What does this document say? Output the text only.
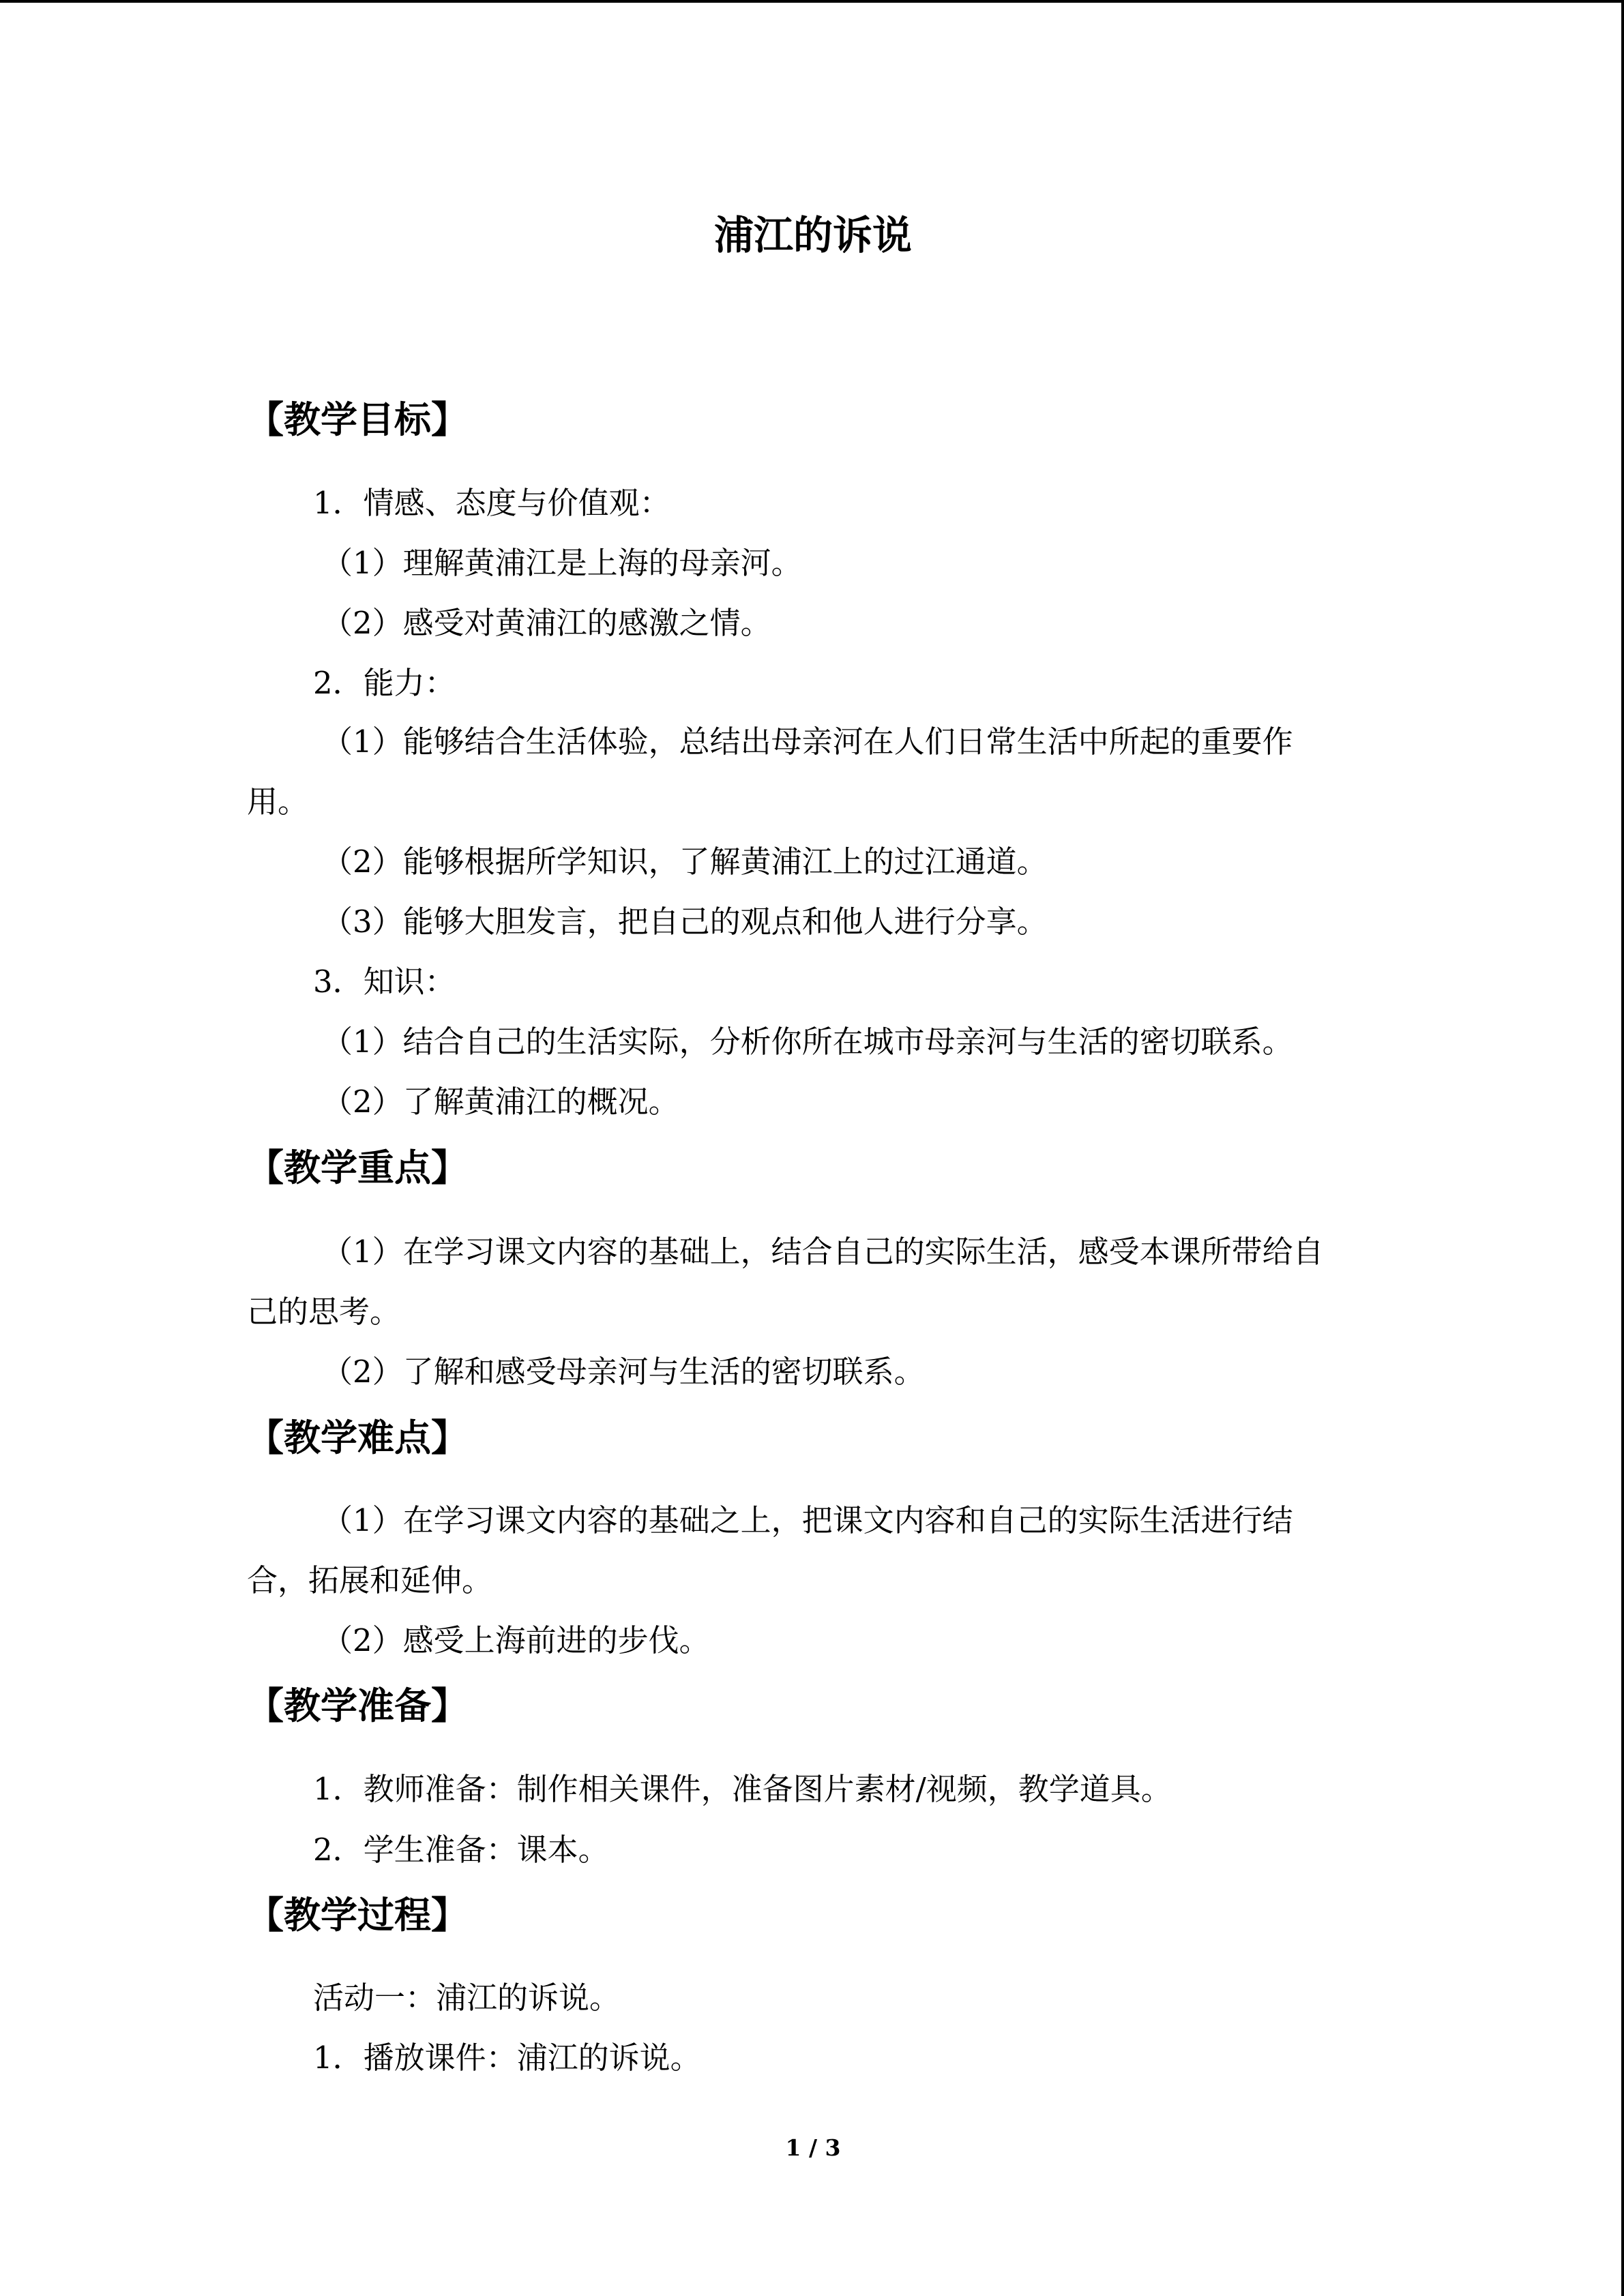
浦江的诉说
【教学目标】
1．情感、态度与价值观：
（1）理解黄浦江是上海的母亲河。
（2）感受对黄浦江的感激之情。
2．能力：
（1）能够结合生活体验，总结出母亲河在人们日常生活中所起的重要作
用。
（2）能够根据所学知识，了解黄浦江上的过江通道。
（3）能够大胆发言，把自己的观点和他人进行分享。
3．知识：
（1）结合自己的生活实际，分析你所在城市母亲河与生活的密切联系。
（2）了解黄浦江的概况。
【教学重点】
（1）在学习课文内容的基础上，结合自己的实际生活，感受本课所带给自
己的思考。
（2）了解和感受母亲河与生活的密切联系。
【教学难点】
（1）在学习课文内容的基础之上，把课文内容和自己的实际生活进行结
合，拓展和延伸。
（2）感受上海前进的步伐。
【教学准备】
1．教师准备：制作相关课件，准备图片素材/视频，教学道具。
2．学生准备：课本。
【教学过程】
活动一：浦江的诉说。
1．播放课件：浦江的诉说。
1 / 3
